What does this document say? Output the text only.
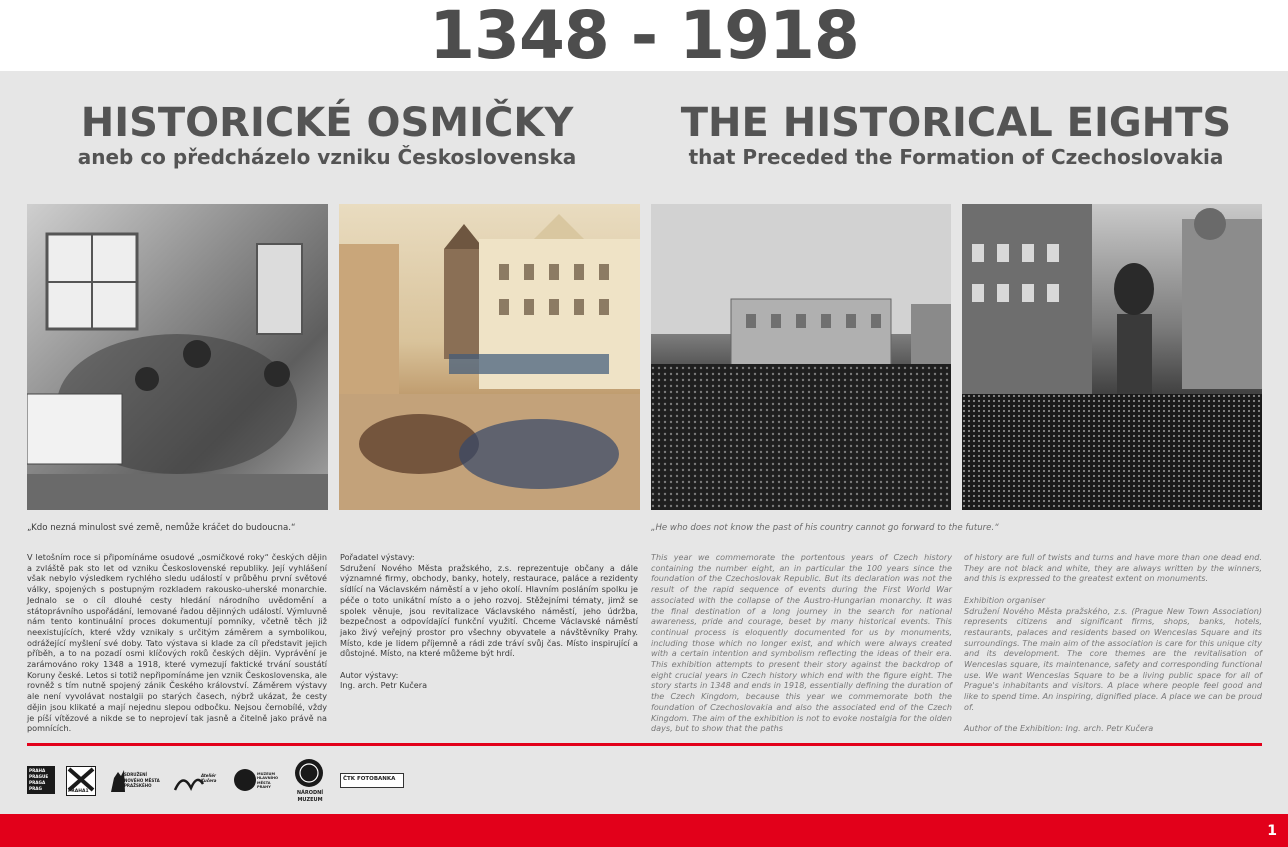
1348 - 1918
HISTORICKÉ OSMIČKY
aneb co předcházelo vzniku Československa
THE HISTORICAL EIGHTS
that Preceded the Formation of Czechoslovakia
„Kdo nezná minulost své země, nemůže kráčet do budoucna.“	„He who does not know the past of his country cannot go forward to the future.“

V letošním roce si připomínáme osudové „osmičkové roky“ českých dějin a zvláště pak sto let od vzniku Československé republiky. Její vyhlášení však nebylo výsledkem rychlého sledu událostí v průběhu první světové války, spojených s postupným rozkladem rakousko-uherské monarchie. Jednalo se o cíl dlouhé cesty hledání národního uvědomění a státoprávního uspořádání, lemované řadou dějinných událostí. Výmluvně nám tento kontinuální proces dokumentují pomníky, včetně těch již neexistujících, které vždy vznikaly s určitým záměrem a symbolikou, odrážející myšlení své doby. Tato výstava si klade za cíl představit jejich příběh, a to na pozadí osmi klíčových roků českých dějin. Vyprávění je zarámováno roky 1348 a 1918, které vymezují faktické trvání soustátí Koruny české. Letos si totiž nepřipomínáme jen vznik Československa, ale rovněž s tím nutně spojený zánik Českého království. Záměrem výstavy ale není vyvolávat nostalgii po starých časech, nýbrž ukázat, že cesty dějin jsou klikaté a mají nejednu slepou odbočku. Nejsou černobílé, vždy je píší vítězové a nikde se to neprojeví tak jasně a čitelně jako právě na pomnících.

Pořadatel výstavy:

Sdružení Nového Města pražského, z.s. reprezentuje občany a dále významné firmy, obchody, banky, hotely, restaurace, paláce a rezidenty sídlící na Václavském náměstí a v jeho okolí. Hlavním posláním spolku je péče o toto unikátní místo a o jeho rozvoj. Stěžejními tématy, jimž se spolek věnuje, jsou revitalizace Václavského náměstí, jeho údržba, bezpečnost a odpovídající funkční využití. Chceme Václavské náměstí jako živý veřejný prostor pro všechny obyvatele a návštěvníky Prahy. Místo, kde je lidem příjemně a rádi zde tráví svůj čas. Místo inspirující a důstojné. Místo, na které můžeme být hrdí.

Autor výstavy:

Ing. arch. Petr Kučera

This year we commemorate the portentous years of Czech history containing the number eight, an in particular the 100 years since the foundation of the Czechoslovak Republic. But its declaration was not the result of the rapid sequence of events during the First World War associated with the collapse of the Austro-Hungarian monarchy. It was the final destination of a long journey in the search for national awareness, pride and courage, beset by many historical events. This continual process is eloquently documented for us by monuments, including those which no longer exist, and which were always created with a certain intention and symbolism reflecting the ideas of their era. This exhibition attempts to present their story against the backdrop of eight crucial years in Czech history which end with the figure eight. The story starts in 1348 and ends in 1918, essentially defining the duration of the Czech Kingdom, because this year we commemorate both the foundation of Czechoslovakia and also the associated end of the Czech Kingdom. The aim of the exhibition is not to evoke nostalgia for the olden days, but to show that the paths

of history are full of twists and turns and have more than one dead end. They are not black and white, they are always written by the winners, and this is expressed to the greatest extent on monuments.

Exhibition organiser

Sdružení Nového Města pražského, z.s. (Prague New Town Association) represents citizens and significant firms, shops, banks, hotels, restaurants, palaces and residents based on Wenceslas Square and its surroundings. The main aim of the association is care for this unique city and its development. The core themes are the revitalisation of Wenceslas square, its maintenance, safety and corresponding functional use. We want Wenceslas Square to be a living public space for all of Prague's inhabitants and visitors. A place where people feel good and like to spend time. An inspiring, dignified place. A place we can be proud of.

Author of the Exhibition: Ing. arch. Petr Kučera

PRAHA PRAGUE PRAGA PRAG
PRAHA1
SDRUŽENÍ NOVÉHO MĚSTA PRAŽSKÉHO
Ateliér Kučera
MUZEUM HLAVNÍHO MĚSTA PRAHY
NÁRODNÍ MUZEUM
ČTK FOTOBANKA
1
